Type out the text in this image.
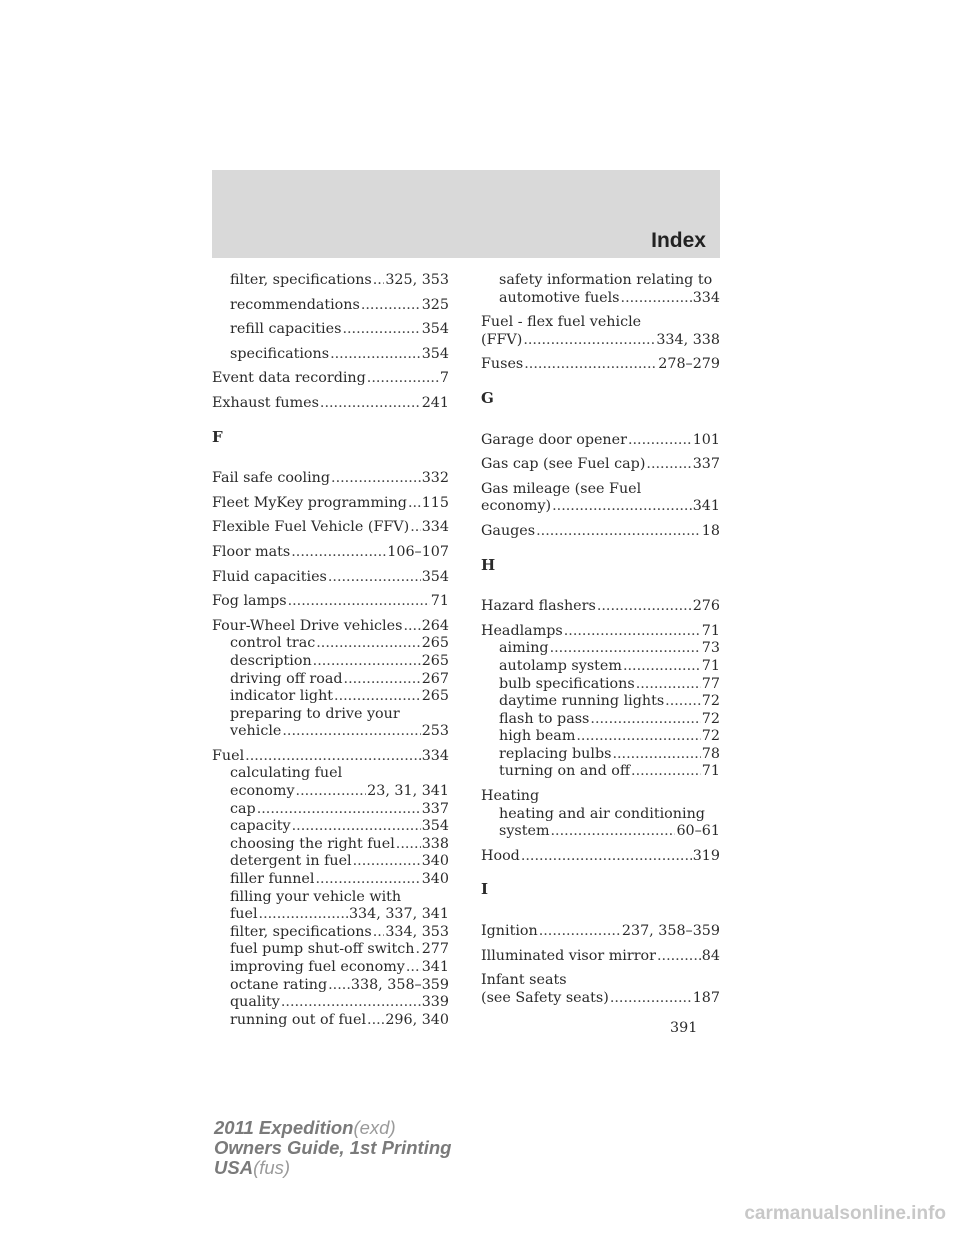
Index
filter, specifications ..... 325, 353
recommendations .....	325
refill capacities .....	354
specifications .....	354
Event data recording .....	7
Exhaust fumes .....	241
F
Fail safe cooling .....	332
Fleet MyKey programming ..... 115
Flexible Fuel Vehicle (FFV) ..... 334
Floor mats .....	106–107
Fluid capacities .....	354
Fog lamps .....	71
Four-Wheel Drive vehicles ..... 264
control trac .....	265
description .....	265
driving off road .....	267
indicator light .....	265
preparing to drive your
vehicle .....	253
Fuel .....	334
calculating fuel
economy .....	23, 31, 341
cap .....	337
capacity .....	354
choosing the right fuel ..... 338
detergent in fuel .....	340
filler funnel .....	340
filling your vehicle with
fuel .....	334, 337, 341
filter, specifications ..... 334, 353
fuel pump shut-off switch ..... 277
improving fuel economy ..... 341
octane rating ..... 338, 358–359
quality .....	339
running out of fuel ..... 296, 340
safety information relating to
automotive fuels .....	334
Fuel - flex fuel vehicle
(FFV) .....	334, 338
Fuses .....	278–279
G
Garage door opener .....	101
Gas cap (see Fuel cap) .....	337
Gas mileage (see Fuel
economy) .....	341
Gauges .....	18
H
Hazard flashers .....	276
Headlamps .....	71
aiming .....	73
autolamp system .....	71
bulb specifications .....	77
daytime running lights .....	72
flash to pass .....	72
high beam .....	72
replacing bulbs .....	78
turning on and off .....	71
Heating
heating and air conditioning
system .....	60–61
Hood .....	319
I
Ignition .....	237, 358–359
Illuminated visor mirror .....	84
Infant seats
(see Safety seats) .....	187
391
2011 Expedition(exd)
Owners Guide, 1st Printing
USA(fus)
carmanualsonline.info
